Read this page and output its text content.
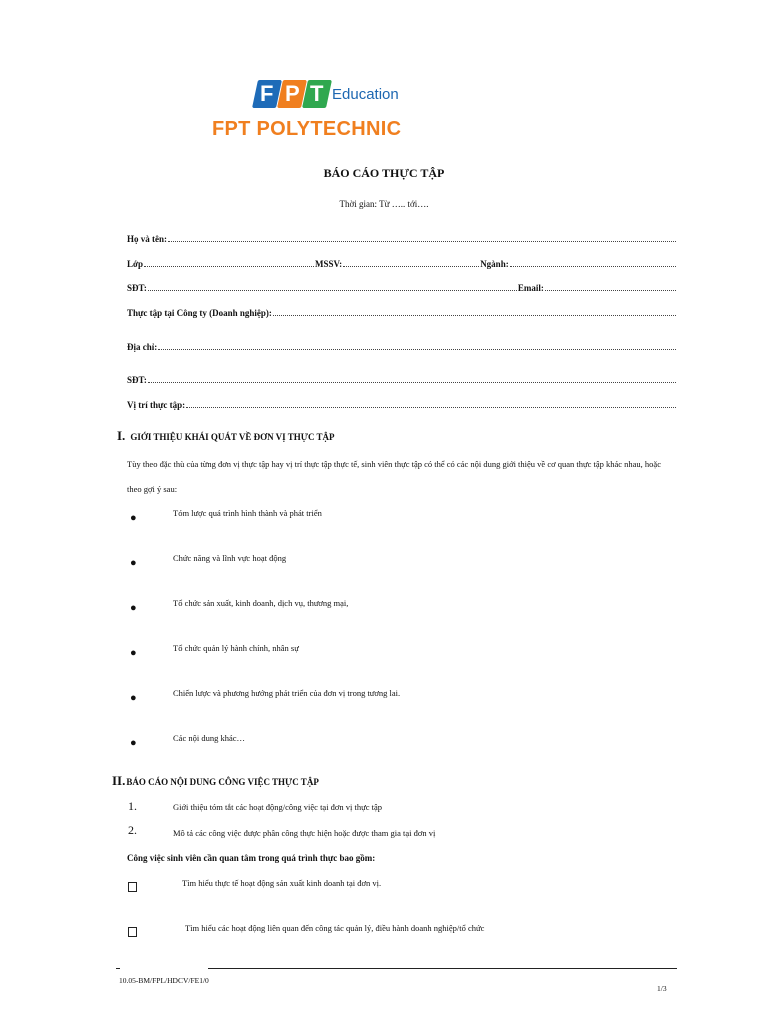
F P T Education
FPT POLYTECHNIC
BÁO CÁO THỰC TẬP
Thời gian: Từ ….. tới….
Họ và tên:
Lớp	MSSV:	Ngành:
SĐT:	Email:
Thực tập tại Công ty (Doanh nghiệp):
Địa chỉ:
SĐT:
Vị trí thực tập:
I. GIỚI THIỆU KHÁI QUÁT VỀ ĐƠN VỊ THỰC TẬP
Tùy theo đặc thù của từng đơn vị thực tập hay vị trí thực tập thực tế, sinh viên thực tập có thể có các nội dung giới thiệu về cơ quan thực tập khác nhau, hoặc
theo gợi ý sau:
●	Tóm lược quá trình hình thành và phát triển
●	Chức năng và lĩnh vực hoạt động
●	Tổ chức sản xuất, kinh doanh, dịch vụ, thương mại,
●	Tổ chức quản lý hành chính, nhân sự
●	Chiến lược và phương hướng phát triển của đơn vị trong tương lai.
●	Các nội dung khác…
II. BÁO CÁO NỘI DUNG CÔNG VIỆC THỰC TẬP
1.	Giới thiệu tóm tắt các hoạt động/công việc tại đơn vị thực tập
2.	Mô tả các công việc được phân công thực hiện hoặc được tham gia tại đơn vị
Công việc sinh viên cần quan tâm trong quá trình thực bao gồm:
Tìm hiểu thực tế hoạt động sản xuất kinh doanh tại đơn vị.
Tìm hiểu các hoạt động liên quan đến công tác quản lý, điều hành doanh nghiệp/tổ chức
10.05-BM/FPL/HDCV/FE1/0
1/3
